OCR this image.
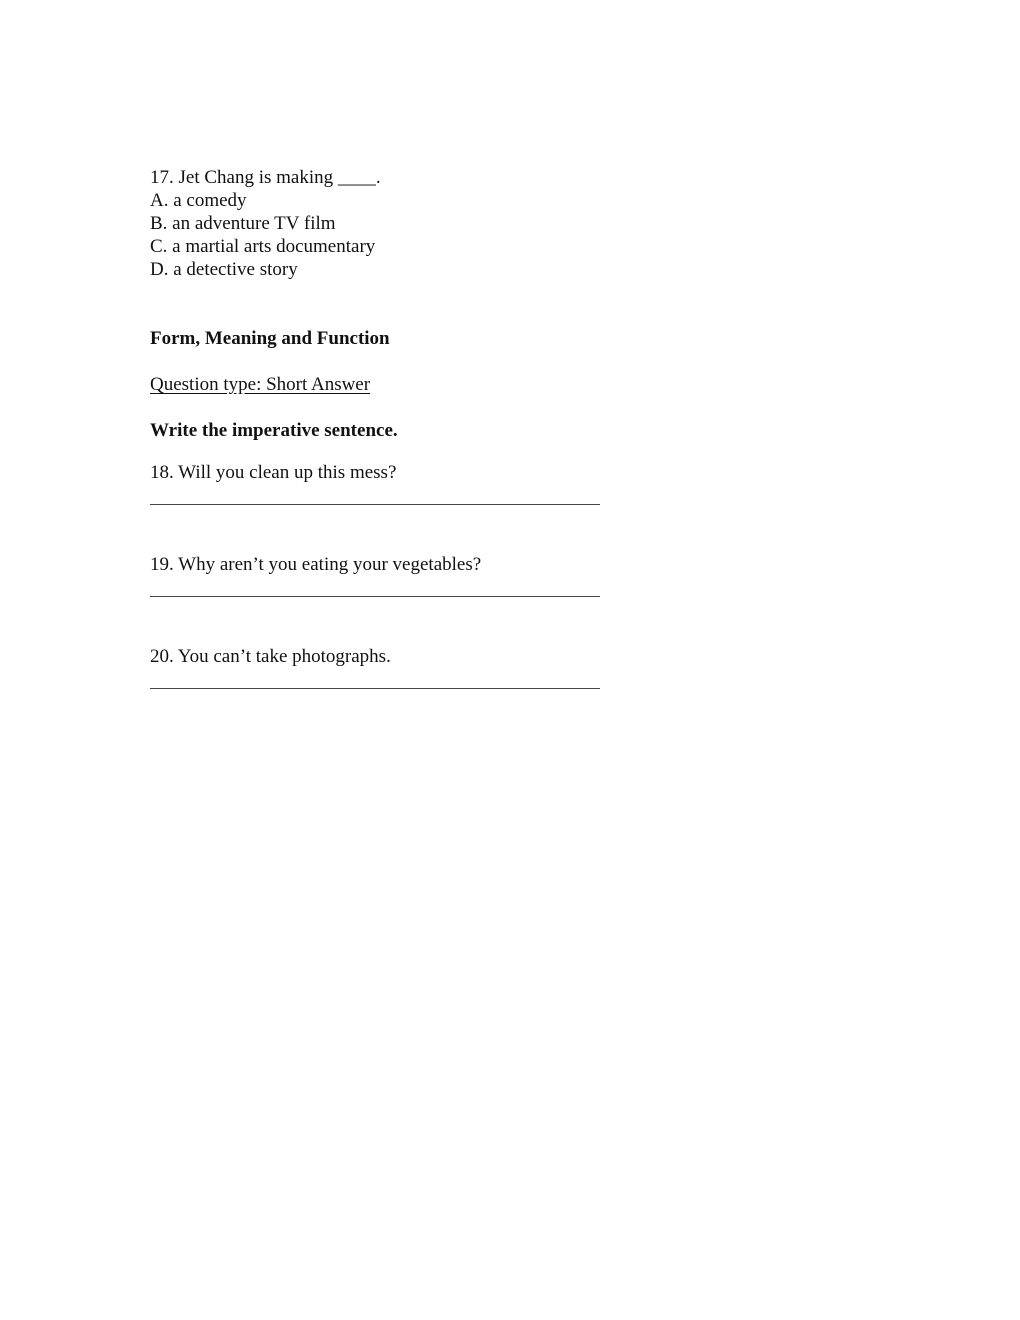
17. Jet Chang is making ____.
A. a comedy
B. an adventure TV film
C. a martial arts documentary
D. a detective story
Form, Meaning and Function
Question type: Short Answer
Write the imperative sentence.
18. Will you clean up this mess?
19. Why aren’t you eating your vegetables?
20. You can’t take photographs.
